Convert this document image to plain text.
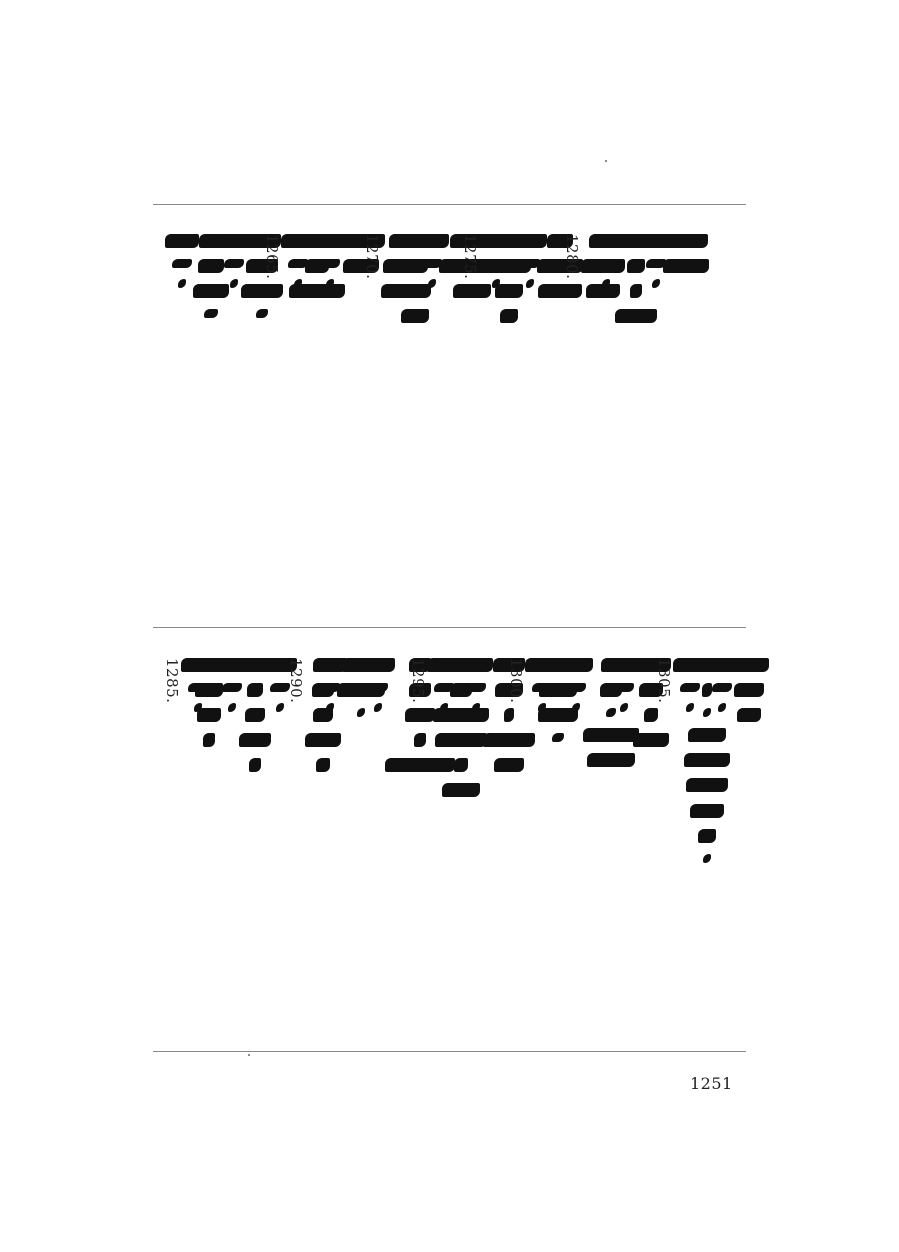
1265.

	1270.

	1275.

	1280.

1285.

	1290.

	1295.

	1300.

	1305.

1251
